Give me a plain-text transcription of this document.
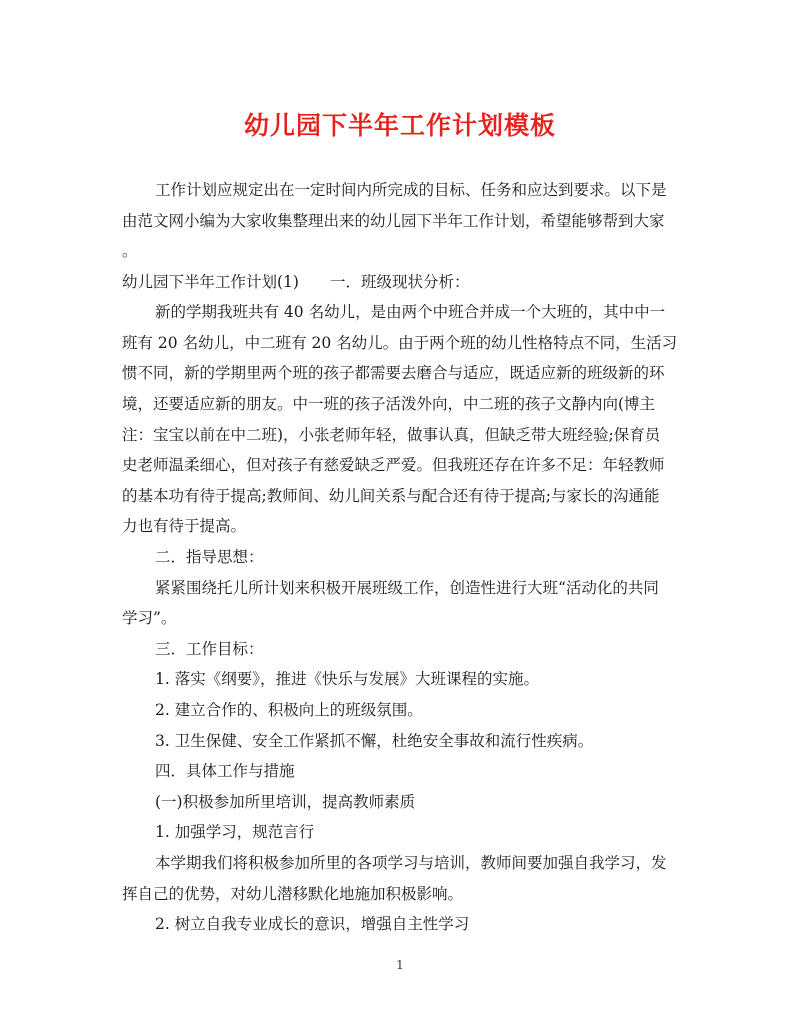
幼儿园下半年工作计划模板
工作计划应规定出在一定时间内所完成的目标、任务和应达到要求。以下是
由范文网小编为大家收集整理出来的幼儿园下半年工作计划，希望能够帮到大家
。
幼儿园下半年工作计划(1)　　一．班级现状分析：
新的学期我班共有 40 名幼儿，是由两个中班合并成一个大班的，其中中一
班有 20 名幼儿，中二班有 20 名幼儿。由于两个班的幼儿性格特点不同，生活习
惯不同，新的学期里两个班的孩子都需要去磨合与适应，既适应新的班级新的环
境，还要适应新的朋友。中一班的孩子活泼外向，中二班的孩子文静内向(博主
注：宝宝以前在中二班)，小张老师年轻，做事认真，但缺乏带大班经验;保育员
史老师温柔细心，但对孩子有慈爱缺乏严爱。但我班还存在许多不足：年轻教师
的基本功有待于提高;教师间、幼儿间关系与配合还有待于提高;与家长的沟通能
力也有待于提高。
二．指导思想：
紧紧围绕托儿所计划来积极开展班级工作，创造性进行大班“活动化的共同
学习”。
三．工作目标：
1. 落实《纲要》，推进《快乐与发展》大班课程的实施。
2. 建立合作的、积极向上的班级氛围。
3. 卫生保健、安全工作紧抓不懈，杜绝安全事故和流行性疾病。
四．具体工作与措施
(一)积极参加所里培训，提高教师素质
1. 加强学习，规范言行
本学期我们将积极参加所里的各项学习与培训，教师间要加强自我学习，发
挥自己的优势，对幼儿潜移默化地施加积极影响。
2. 树立自我专业成长的意识，增强自主性学习
1
